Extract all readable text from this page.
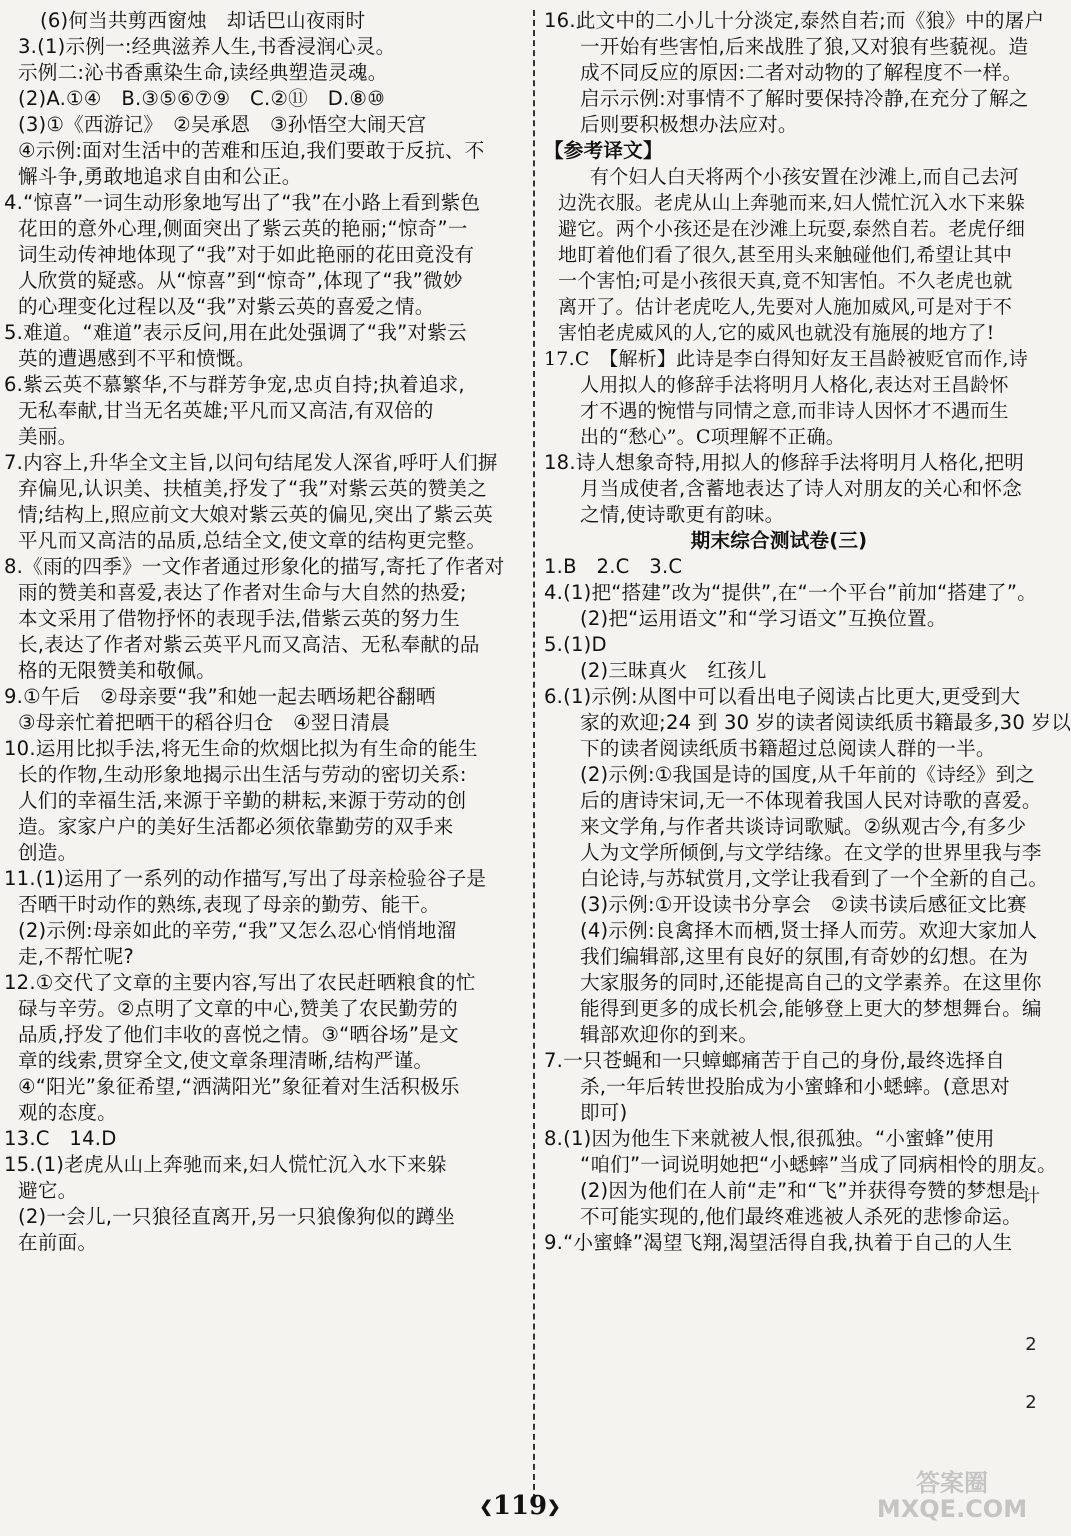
(6)何当共剪西窗烛　却话巴山夜雨时
3.(1)示例一:经典滋养人生,书香浸润心灵。
示例二:沁书香熏染生命,读经典塑造灵魂。
(2)A.①④　B.③⑤⑥⑦⑨　C.②⑪　D.⑧⑩
(3)①《西游记》　②吴承恩　③孙悟空大闹天宫
④示例:面对生活中的苦难和压迫,我们要敢于反抗、不
懈斗争,勇敢地追求自由和公正。
4.“惊喜”一词生动形象地写出了“我”在小路上看到紫色
花田的意外心理,侧面突出了紫云英的艳丽;“惊奇”一
词生动传神地体现了“我”对于如此艳丽的花田竟没有
人欣赏的疑惑。从“惊喜”到“惊奇”,体现了“我”微妙
的心理变化过程以及“我”对紫云英的喜爱之情。
5.难道。“难道”表示反问,用在此处强调了“我”对紫云
英的遭遇感到不平和愤慨。
6.紫云英不慕繁华,不与群芳争宠,忠贞自持;执着追求,
无私奉献,甘当无名英雄;平凡而又高洁,有双倍的
美丽。
7.内容上,升华全文主旨,以问句结尾发人深省,呼吁人们摒
弃偏见,认识美、扶植美,抒发了“我”对紫云英的赞美之
情;结构上,照应前文大娘对紫云英的偏见,突出了紫云英
平凡而又高洁的品质,总结全文,使文章的结构更完整。
8.《雨的四季》一文作者通过形象化的描写,寄托了作者对
雨的赞美和喜爱,表达了作者对生命与大自然的热爱;
本文采用了借物抒怀的表现手法,借紫云英的努力生
长,表达了作者对紫云英平凡而又高洁、无私奉献的品
格的无限赞美和敬佩。
9.①午后　②母亲要“我”和她一起去晒场耙谷翻晒
③母亲忙着把晒干的稻谷归仓　④翌日清晨
10.运用比拟手法,将无生命的炊烟比拟为有生命的能生
长的作物,生动形象地揭示出生活与劳动的密切关系:
人们的幸福生活,来源于辛勤的耕耘,来源于劳动的创
造。家家户户的美好生活都必须依靠勤劳的双手来
创造。
11.(1)运用了一系列的动作描写,写出了母亲检验谷子是
否晒干时动作的熟练,表现了母亲的勤劳、能干。
(2)示例:母亲如此的辛劳,“我”又怎么忍心悄悄地溜
走,不帮忙呢?
12.①交代了文章的主要内容,写出了农民赶晒粮食的忙
碌与辛劳。②点明了文章的中心,赞美了农民勤劳的
品质,抒发了他们丰收的喜悦之情。③“晒谷场”是文
章的线索,贯穿全文,使文章条理清晰,结构严谨。
④“阳光”象征希望,“洒满阳光”象征着对生活积极乐
观的态度。
13.C　14.D
15.(1)老虎从山上奔驰而来,妇人慌忙沉入水下来躲
避它。
(2)一会儿,一只狼径直离开,另一只狼像狗似的蹲坐
在前面。
16.此文中的二小儿十分淡定,泰然自若;而《狼》中的屠户
一开始有些害怕,后来战胜了狼,又对狼有些藐视。造
成不同反应的原因:二者对动物的了解程度不一样。
启示示例:对事情不了解时要保持冷静,在充分了解之
后则要积极想办法应对。
【参考译文】
有个妇人白天将两个小孩安置在沙滩上,而自己去河
边洗衣服。老虎从山上奔驰而来,妇人慌忙沉入水下来躲
避它。两个小孩还是在沙滩上玩耍,泰然自若。老虎仔细
地盯着他们看了很久,甚至用头来触碰他们,希望让其中
一个害怕;可是小孩很天真,竟不知害怕。不久老虎也就
离开了。估计老虎吃人,先要对人施加威风,可是对于不
害怕老虎威风的人,它的威风也就没有施展的地方了!
17.C　【解析】此诗是李白得知好友王昌龄被贬官而作,诗
人用拟人的修辞手法将明月人格化,表达对王昌龄怀
才不遇的惋惜与同情之意,而非诗人因怀才不遇而生
出的“愁心”。C项理解不正确。
18.诗人想象奇特,用拟人的修辞手法将明月人格化,把明
月当成使者,含蓄地表达了诗人对朋友的关心和怀念
之情,使诗歌更有韵味。
期末综合测试卷(三)
1.B　2.C　3.C
4.(1)把“搭建”改为“提供”,在“一个平台”前加“搭建了”。
(2)把“运用语文”和“学习语文”互换位置。
5.(1)D
(2)三昧真火　红孩儿
6.(1)示例:从图中可以看出电子阅读占比更大,更受到大
家的欢迎;24 到 30 岁的读者阅读纸质书籍最多,30 岁以
下的读者阅读纸质书籍超过总阅读人群的一半。
(2)示例:①我国是诗的国度,从千年前的《诗经》到之
后的唐诗宋词,无一不体现着我国人民对诗歌的喜爱。
来文学角,与作者共谈诗词歌赋。②纵观古今,有多少
人为文学所倾倒,与文学结缘。在文学的世界里我与李
白论诗,与苏轼赏月,文学让我看到了一个全新的自己。
(3)示例:①开设读书分享会　②读书读后感征文比赛
(4)示例:良禽择木而栖,贤士择人而劳。欢迎大家加人
我们编辑部,这里有良好的氛围,有奇妙的幻想。在为
大家服务的同时,还能提高自己的文学素养。在这里你
能得到更多的成长机会,能够登上更大的梦想舞台。编
辑部欢迎你的到来。
7.一只苍蝇和一只蟑螂痛苦于自己的身份,最终选择自
杀,一年后转世投胎成为小蜜蜂和小蟋蟀。(意思对
即可)
8.(1)因为他生下来就被人恨,很孤独。“小蜜蜂”使用
“咱们”一词说明她把“小蟋蟀”当成了同病相怜的朋友。
(2)因为他们在人前“走”和“飞”并获得夸赞的梦想是
不可能实现的,他们最终难逃被人杀死的悲惨命运。
9.“小蜜蜂”渴望飞翔,渴望活得自我,执着于自己的人生
❮119❯
答案圈
MXQE.COM
计
2
2
